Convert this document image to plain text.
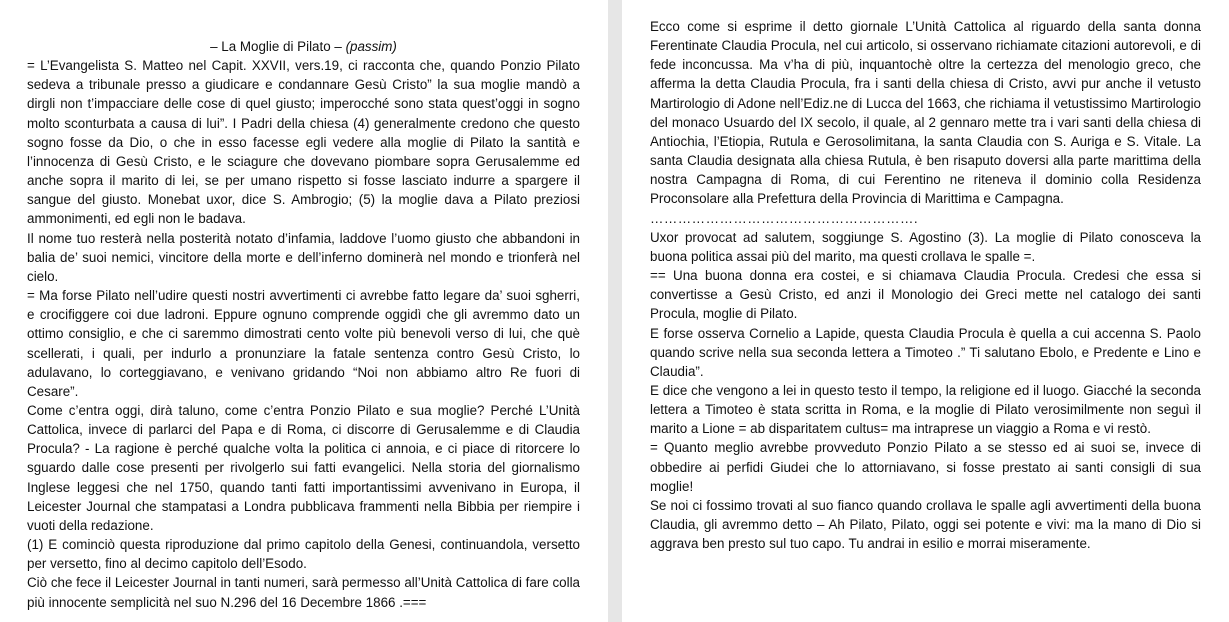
– La Moglie di Pilato – (passim)

= L’Evangelista S. Matteo nel Capit. XXVII, vers.19, ci racconta che, quando Ponzio Pilato sedeva a tribunale presso a giudicare e condannare Gesù Cristo” la sua moglie mandò a dirgli non t’impacciare delle cose di quel giusto; imperocché sono stata quest’oggi in sogno molto sconturbata a causa di lui”. I Padri della chiesa (4) generalmente credono che questo sogno fosse da Dio, o che in esso facesse egli vedere alla moglie di Pilato la santità e l’innocenza di Gesù Cristo, e le sciagure che dovevano piombare sopra Gerusalemme ed anche sopra il marito di lei, se per umano rispetto si fosse lasciato indurre a spargere il sangue del giusto. Monebat uxor, dice S. Ambrogio; (5) la moglie dava a Pilato preziosi ammonimenti, ed egli non le badava.

Il nome tuo resterà nella posterità notato d’infamia, laddove l’uomo giusto che abbandoni in balia de’ suoi nemici, vincitore della morte e dell’inferno dominerà nel mondo e trionferà nel cielo.

= Ma forse Pilato nell’udire questi nostri avvertimenti ci avrebbe fatto legare da’ suoi sgherri, e crocifiggere coi due ladroni. Eppure ognuno comprende oggidì che gli avremmo dato un ottimo consiglio, e che ci saremmo dimostrati cento volte più benevoli verso di lui, che què scellerati, i quali, per indurlo a pronunziare la fatale sentenza contro Gesù Cristo, lo adulavano, lo corteggiavano, e venivano gridando “Noi non abbiamo altro Re fuori di Cesare”.

Come c’entra oggi, dirà taluno, come c’entra Ponzio Pilato e sua moglie? Perché L’Unità Cattolica, invece di parlarci del Papa e di Roma, ci discorre di Gerusalemme e di Claudia Procula? - La ragione è perché qualche volta la politica ci annoia, e ci piace di ritorcere lo sguardo dalle cose presenti per rivolgerlo sui fatti evangelici. Nella storia del giornalismo Inglese leggesi che nel 1750, quando tanti fatti importantissimi avvenivano in Europa, il Leicester Journal che stampatasi a Londra pubblicava frammenti nella Bibbia per riempire i vuoti della redazione.

(1) E cominciò questa riproduzione dal primo capitolo della Genesi, continuandola, versetto per versetto, fino al decimo capitolo dell’Esodo.

Ciò che fece il Leicester Journal in tanti numeri, sarà permesso all’Unità Cattolica di fare colla più innocente semplicità nel suo N.296 del 16 Decembre 1866 .===

Ecco come si esprime il detto giornale L’Unità Cattolica al riguardo della santa donna Ferentinate Claudia Procula, nel cui articolo, si osservano richiamate citazioni autorevoli, e di fede inconcussa. Ma v’ha di più, inquantochè oltre la certezza del menologio greco, che afferma la detta Claudia Procula, fra i santi della chiesa di Cristo, avvi pur anche il vetusto Martirologio di Adone nell’Ediz.ne di Lucca del 1663, che richiama il vetustissimo Martirologio del monaco Usuardo del IX secolo, il quale, al 2 gennaro mette tra i vari santi della chiesa di Antiochia, l’Etiopia, Rutula e Gerosolimitana, la santa Claudia con S. Auriga e S. Vitale. La santa Claudia designata alla chiesa Rutula, è ben risaputo doversi alla parte marittima della nostra Campagna di Roma, di cui Ferentino ne riteneva il dominio colla Residenza Proconsolare alla Prefettura della Provincia di Marittima e Campagna.

………………………………………………….

Uxor provocat ad salutem, soggiunge S. Agostino (3). La moglie di Pilato conosceva la buona politica assai più del marito, ma questi crollava le spalle =.

== Una buona donna era costei, e si chiamava Claudia Procula. Credesi che essa si convertisse a Gesù Cristo, ed anzi il Monologio dei Greci mette nel catalogo dei santi Procula, moglie di Pilato.

E forse osserva Cornelio a Lapide, questa Claudia Procula è quella a cui accenna S. Paolo quando scrive nella sua seconda lettera a Timoteo .” Ti salutano Ebolo, e Predente e Lino e Claudia”.

E dice che vengono a lei in questo testo il tempo, la religione ed il luogo. Giacché la seconda lettera a Timoteo è stata scritta in Roma, e la moglie di Pilato verosimilmente non seguì il marito a Lione = ab disparitatem cultus= ma intraprese un viaggio a Roma e vi restò.

= Quanto meglio avrebbe provveduto Ponzio Pilato a se stesso ed ai suoi se, invece di obbedire ai perfidi Giudei che lo attorniavano, si fosse prestato ai santi consigli di sua moglie!

Se noi ci fossimo trovati al suo fianco quando crollava le spalle agli avvertimenti della buona Claudia, gli avremmo detto – Ah Pilato, Pilato, oggi sei potente e vivi: ma la mano di Dio si aggrava ben presto sul tuo capo. Tu andrai in esilio e morrai miseramente.
